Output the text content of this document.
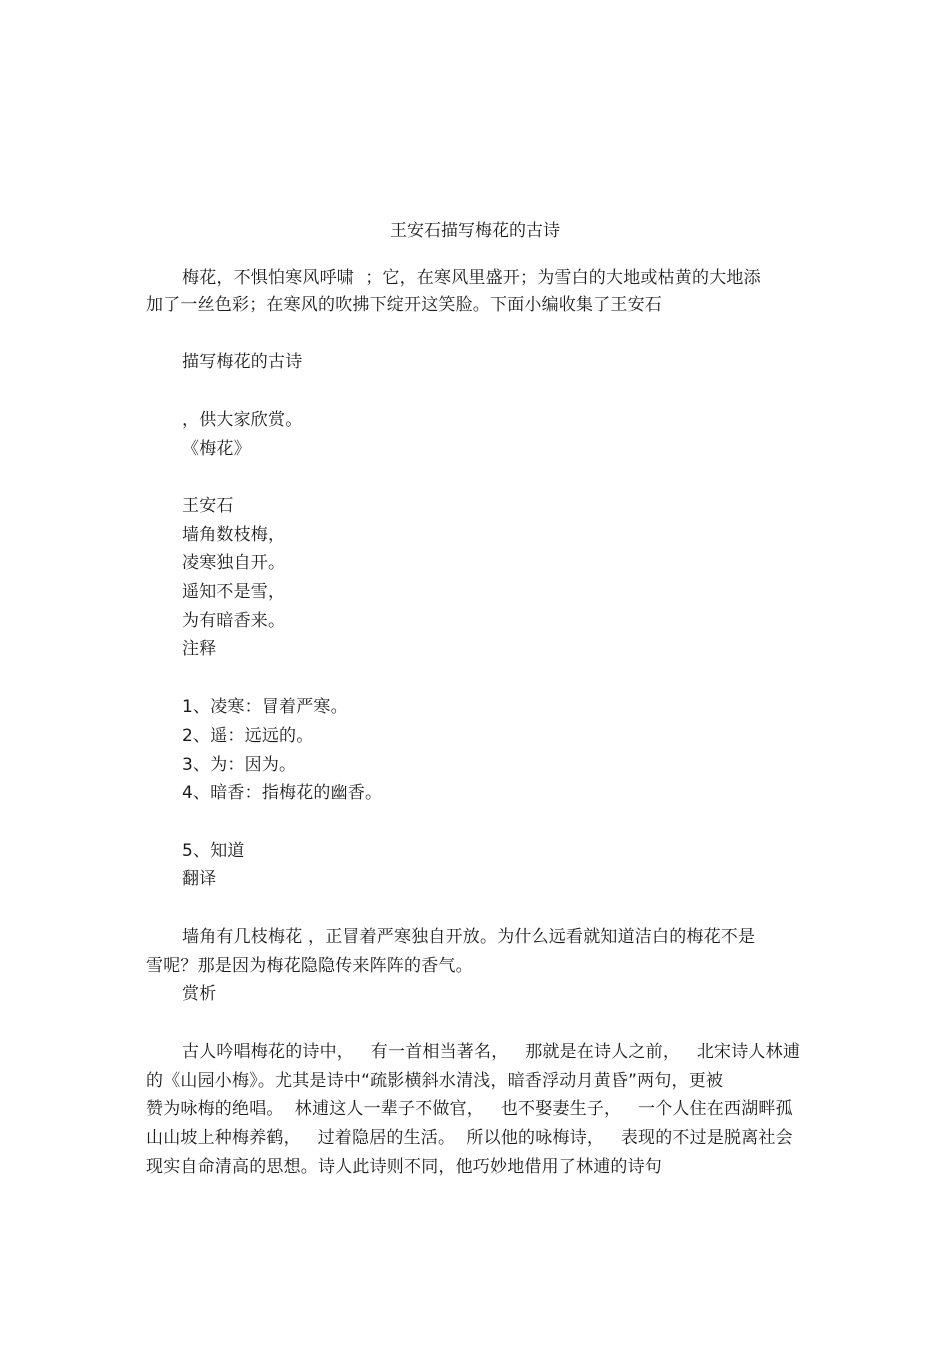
王安石描写梅花的古诗
梅花，不惧怕寒风呼啸  ；它，在寒风里盛开；为雪白的大地或枯黄的大地添
加了一丝色彩；在寒风的吹拂下绽开这笑脸。下面小编收集了王安石
描写梅花的古诗
，供大家欣赏。
《梅花》
王安石
墙角数枝梅，
凌寒独自开。
遥知不是雪，
为有暗香来。
注释
1、凌寒：冒着严寒。
2、遥：远远的。
3、为：因为。
4、暗香：指梅花的幽香。
5、知道
翻译
墙角有几枝梅花 ，正冒着严寒独自开放。为什么远看就知道洁白的梅花不是
雪呢？那是因为梅花隐隐传来阵阵的香气。
赏析
古人吟唱梅花的诗中，   有一首相当著名，   那就是在诗人之前，   北宋诗人林逋
的《山园小梅》。尤其是诗中“疏影横斜水清浅，暗香浮动月黄昏”两句，更被
赞为咏梅的绝唱。  林逋这人一辈子不做官，   也不娶妻生子，   一个人住在西湖畔孤
山山坡上种梅养鹤，   过着隐居的生活。  所以他的咏梅诗，   表现的不过是脱离社会
现实自命清高的思想。诗人此诗则不同，他巧妙地借用了林逋的诗句
